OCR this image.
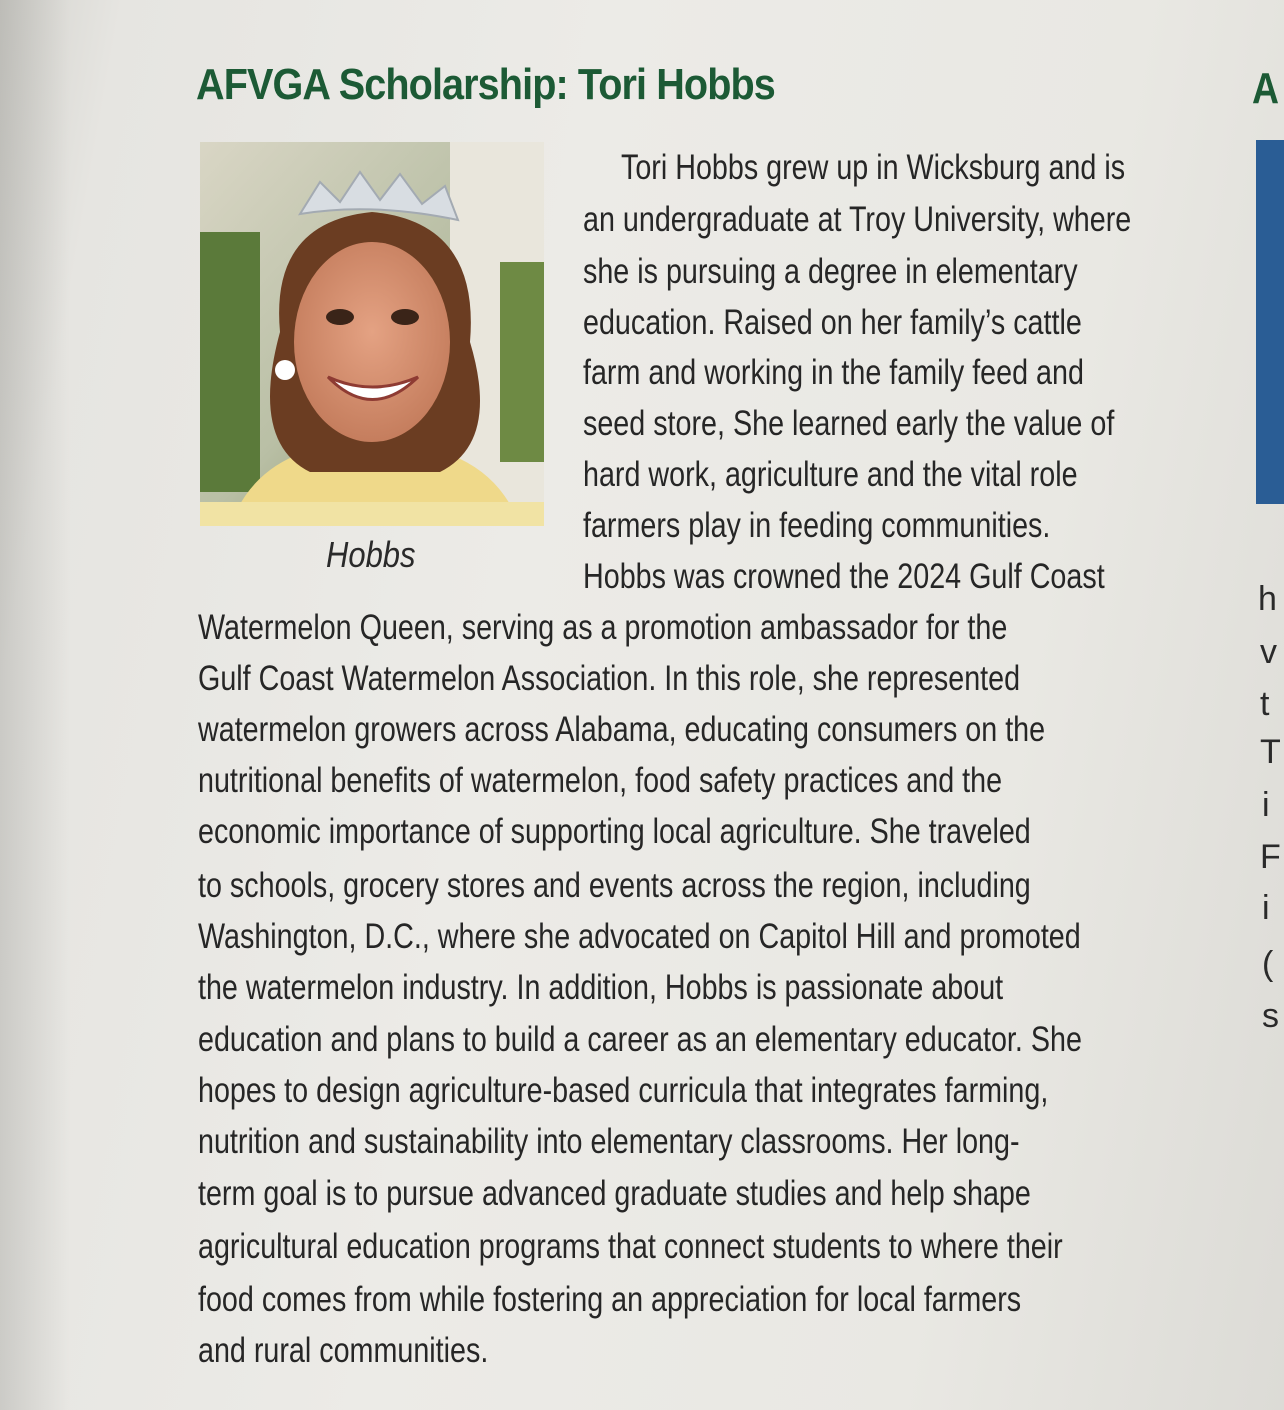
AFVGA Scholarship: Tori Hobbs

Hobbs

Tori Hobbs grew up in Wicksburg and is

an undergraduate at Troy University, where

she is pursuing a degree in elementary

education. Raised on her family’s cattle

farm and working in the family feed and

seed store, She learned early the value of

hard work, agriculture and the vital role

farmers play in feeding communities.

Hobbs was crowned the 2024 Gulf Coast

Watermelon Queen, serving as a promotion ambassador for the

Gulf Coast Watermelon Association. In this role, she represented

watermelon growers across Alabama, educating consumers on the

nutritional benefits of watermelon, food safety practices and the

economic importance of supporting local agriculture. She traveled

to schools, grocery stores and events across the region, including

Washington, D.C., where she advocated on Capitol Hill and promoted

the watermelon industry. In addition, Hobbs is passionate about

education and plans to build a career as an elementary educator. She

hopes to design agriculture-based curricula that integrates farming,

nutrition and sustainability into elementary classrooms. Her long-

term goal is to pursue advanced graduate studies and help shape

agricultural education programs that connect students to where their

food comes from while fostering an appreciation for local farmers

and rural communities.

A

h

v

t

T

i

F

i

(

s
